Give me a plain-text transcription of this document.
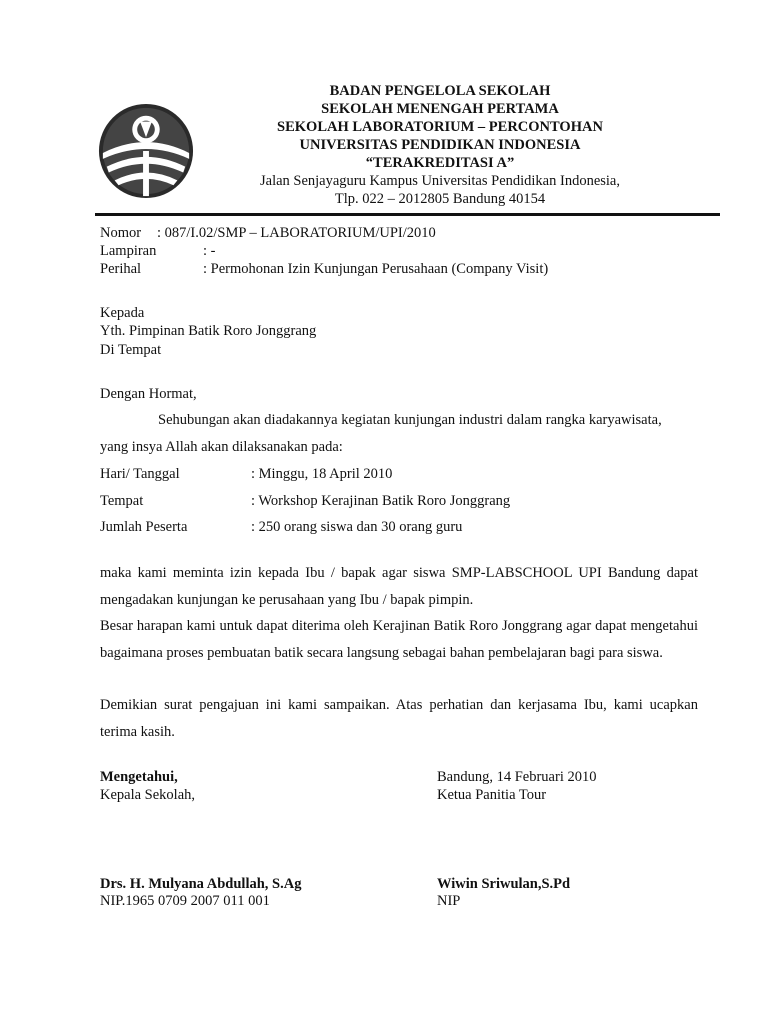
BADAN PENGELOLA SEKOLAH
SEKOLAH MENENGAH PERTAMA
SEKOLAH LABORATORIUM – PERCONTOHAN
UNIVERSITAS PENDIDIKAN INDONESIA
“TERAKREDITASI A”
Jalan Senjayaguru Kampus Universitas Pendidikan Indonesia,
Tlp. 022 – 2012805 Bandung 40154
Nomor : 087/I.02/SMP – LABORATORIUM/UPI/2010
Lampiran	: -
Perihal	: Permohonan Izin Kunjungan Perusahaan (Company Visit)
Kepada
Yth. Pimpinan Batik Roro Jonggrang
Di Tempat
Dengan Hormat,
Sehubungan akan diadakannya kegiatan kunjungan industri dalam rangka karyawisata,
yang insya Allah akan dilaksanakan pada:
Hari/ Tanggal	: Minggu, 18 April 2010
Tempat	: Workshop Kerajinan Batik Roro Jonggrang
Jumlah Peserta	: 250 orang siswa dan 30 orang guru
maka kami meminta izin kepada Ibu / bapak agar siswa SMP-LABSCHOOL UPI Bandung dapat mengadakan kunjungan ke perusahaan yang Ibu / bapak pimpin.
Besar harapan kami untuk dapat diterima oleh Kerajinan Batik Roro Jonggrang agar dapat mengetahui bagaimana proses pembuatan batik secara langsung sebagai bahan pembelajaran bagi para siswa.
Demikian surat pengajuan ini kami sampaikan. Atas perhatian dan kerjasama Ibu, kami ucapkan terima kasih.
Mengetahui,
Kepala Sekolah,
Drs. H. Mulyana Abdullah, S.Ag
NIP.1965 0709 2007 011 001
Bandung, 14 Februari 2010
Ketua Panitia Tour
Wiwin Sriwulan,S.Pd
NIP
